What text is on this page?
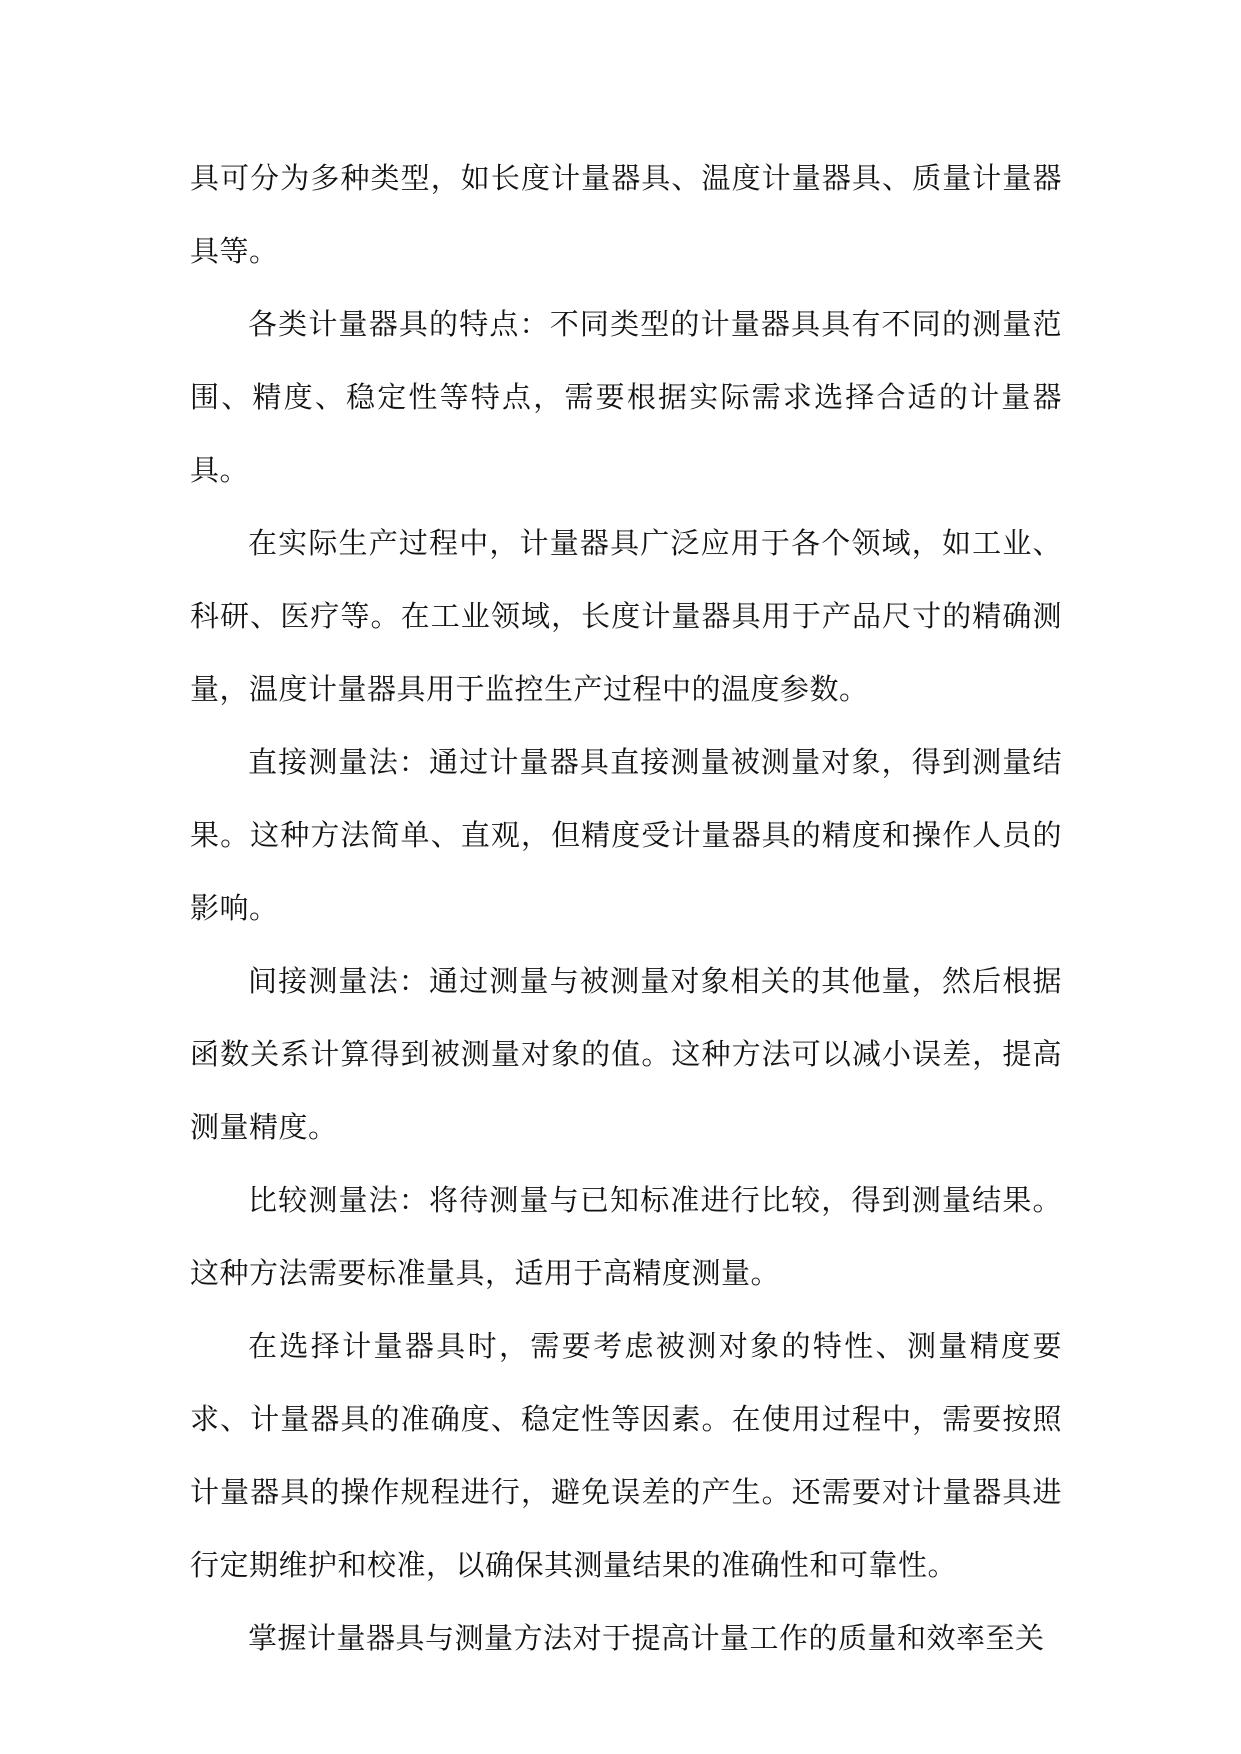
具可分为多种类型，如长度计量器具、温度计量器具、质量计量器具等。

各类计量器具的特点：不同类型的计量器具具有不同的测量范围、精度、稳定性等特点，需要根据实际需求选择合适的计量器具。

在实际生产过程中，计量器具广泛应用于各个领域，如工业、科研、医疗等。在工业领域，长度计量器具用于产品尺寸的精确测量，温度计量器具用于监控生产过程中的温度参数。

直接测量法：通过计量器具直接测量被测量对象，得到测量结果。这种方法简单、直观，但精度受计量器具的精度和操作人员的影响。

间接测量法：通过测量与被测量对象相关的其他量，然后根据函数关系计算得到被测量对象的值。这种方法可以减小误差，提高测量精度。

比较测量法：将待测量与已知标准进行比较，得到测量结果。这种方法需要标准量具，适用于高精度测量。

在选择计量器具时，需要考虑被测对象的特性、测量精度要求、计量器具的准确度、稳定性等因素。在使用过程中，需要按照计量器具的操作规程进行，避免误差的产生。还需要对计量器具进行定期维护和校准，以确保其测量结果的准确性和可靠性。

掌握计量器具与测量方法对于提高计量工作的质量和效率至关
